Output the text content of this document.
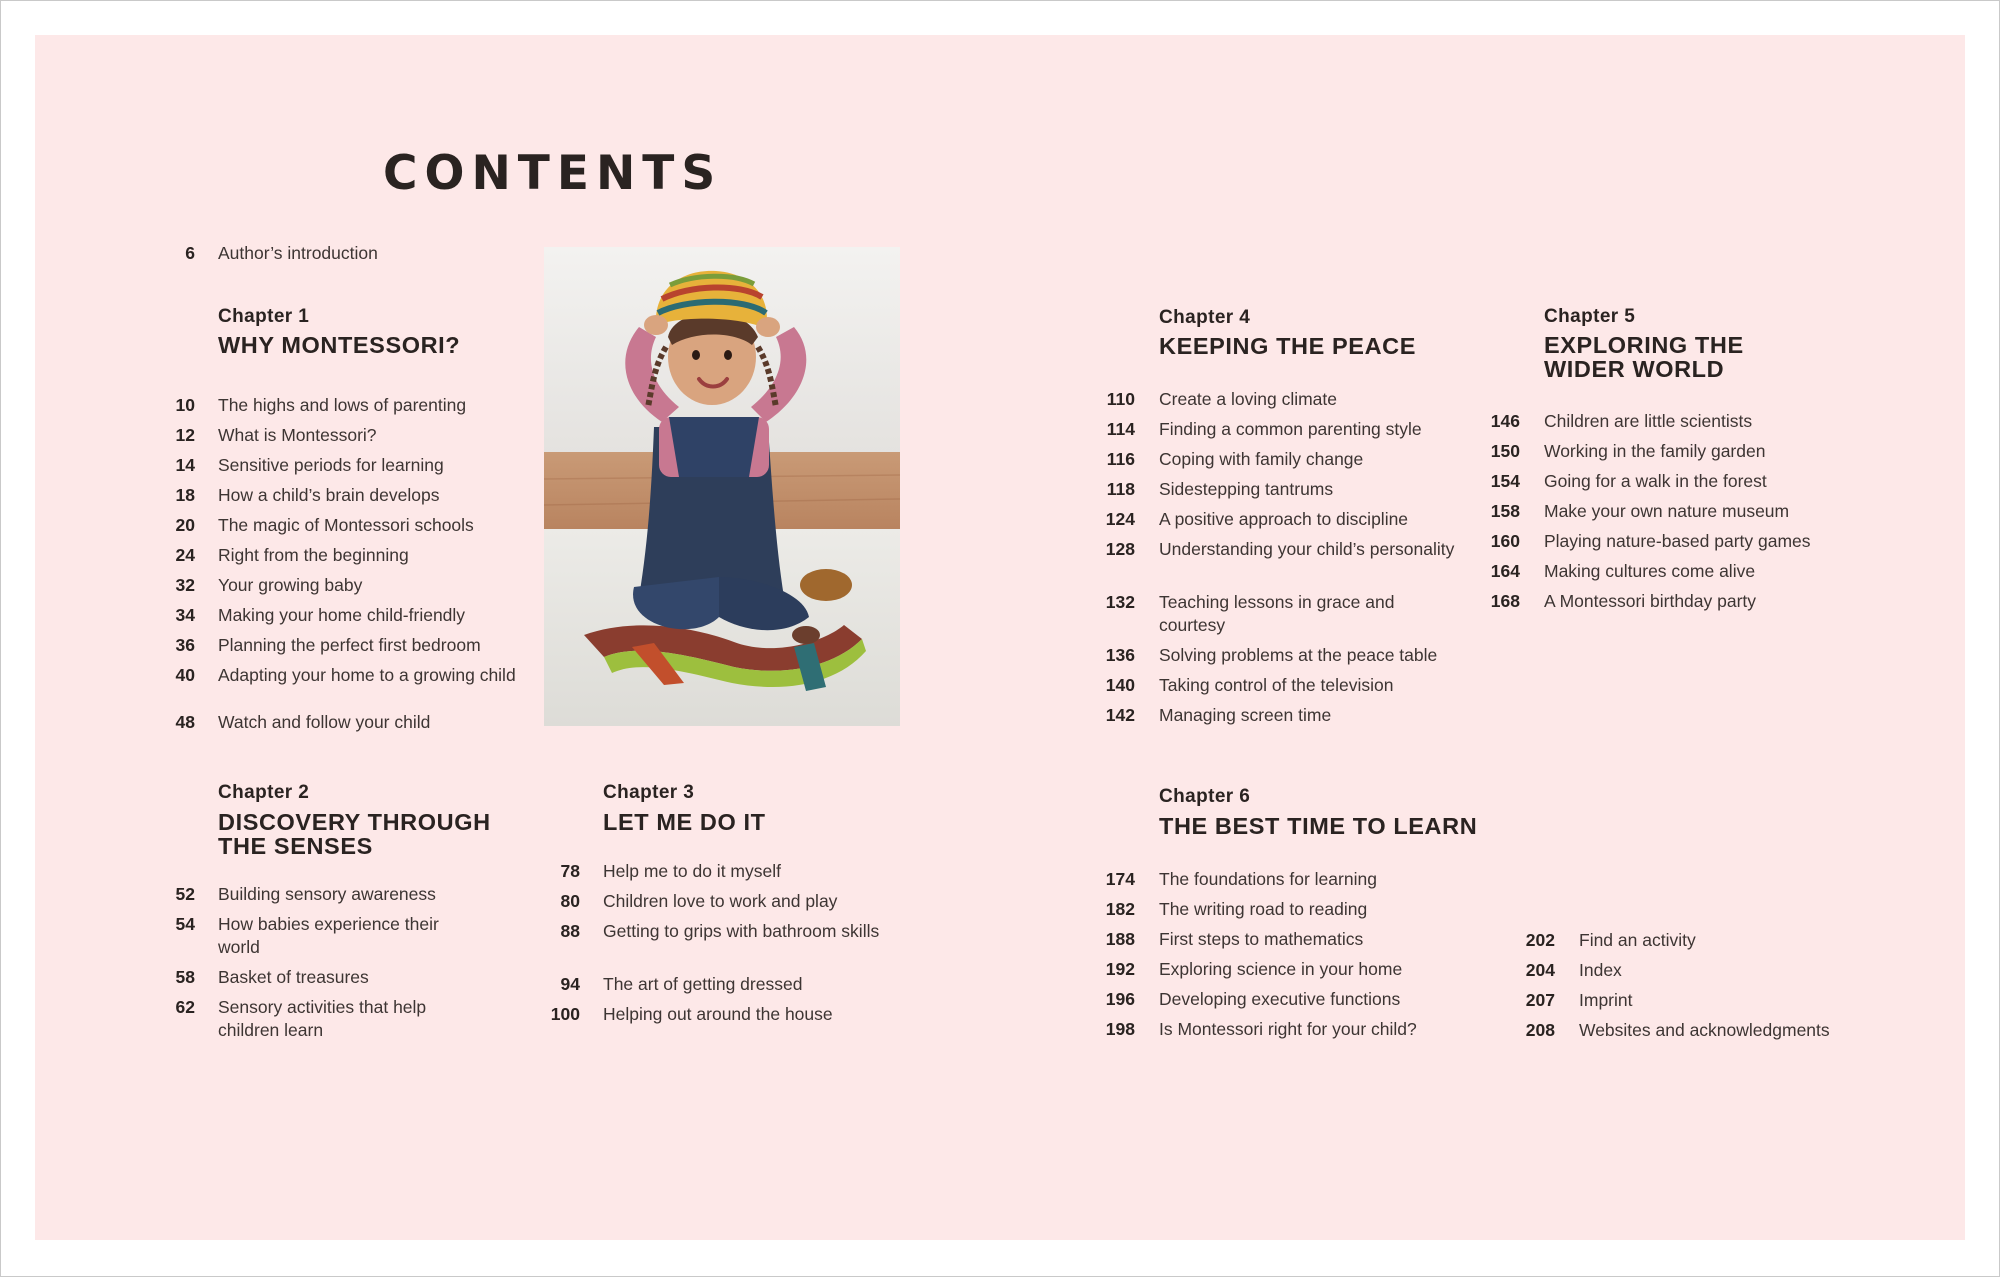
CONTENTS
6 Author’s introduction
Chapter 1
WHY MONTESSORI?
10 The highs and lows of parenting
12 What is Montessori?
14 Sensitive periods for learning
18 How a child’s brain develops
20 The magic of Montessori schools
24 Right from the beginning
32 Your growing baby
34 Making your home child-friendly
36 Planning the perfect first bedroom
40 Adapting your home to a growing child
48 Watch and follow your child
Chapter 2
DISCOVERY THROUGH THE SENSES
52 Building sensory awareness
54 How babies experience their world
58 Basket of treasures
62 Sensory activities that help children learn
Chapter 3
LET ME DO IT
78 Help me to do it myself
80 Children love to work and play
88 Getting to grips with bathroom skills
94 The art of getting dressed
100 Helping out around the house
Chapter 4
KEEPING THE PEACE
110 Create a loving climate
114 Finding a common parenting style
116 Coping with family change
118 Sidestepping tantrums
124 A positive approach to discipline
128 Understanding your child’s personality
132 Teaching lessons in grace and courtesy
136 Solving problems at the peace table
140 Taking control of the television
142 Managing screen time
Chapter 5
EXPLORING THE WIDER WORLD
146 Children are little scientists
150 Working in the family garden
154 Going for a walk in the forest
158 Make your own nature museum
160 Playing nature-based party games
164 Making cultures come alive
168 A Montessori birthday party
Chapter 6
THE BEST TIME TO LEARN
174 The foundations for learning
182 The writing road to reading
188 First steps to mathematics
192 Exploring science in your home
196 Developing executive functions
198 Is Montessori right for your child?
202 Find an activity
204 Index
207 Imprint
208 Websites and acknowledgments
